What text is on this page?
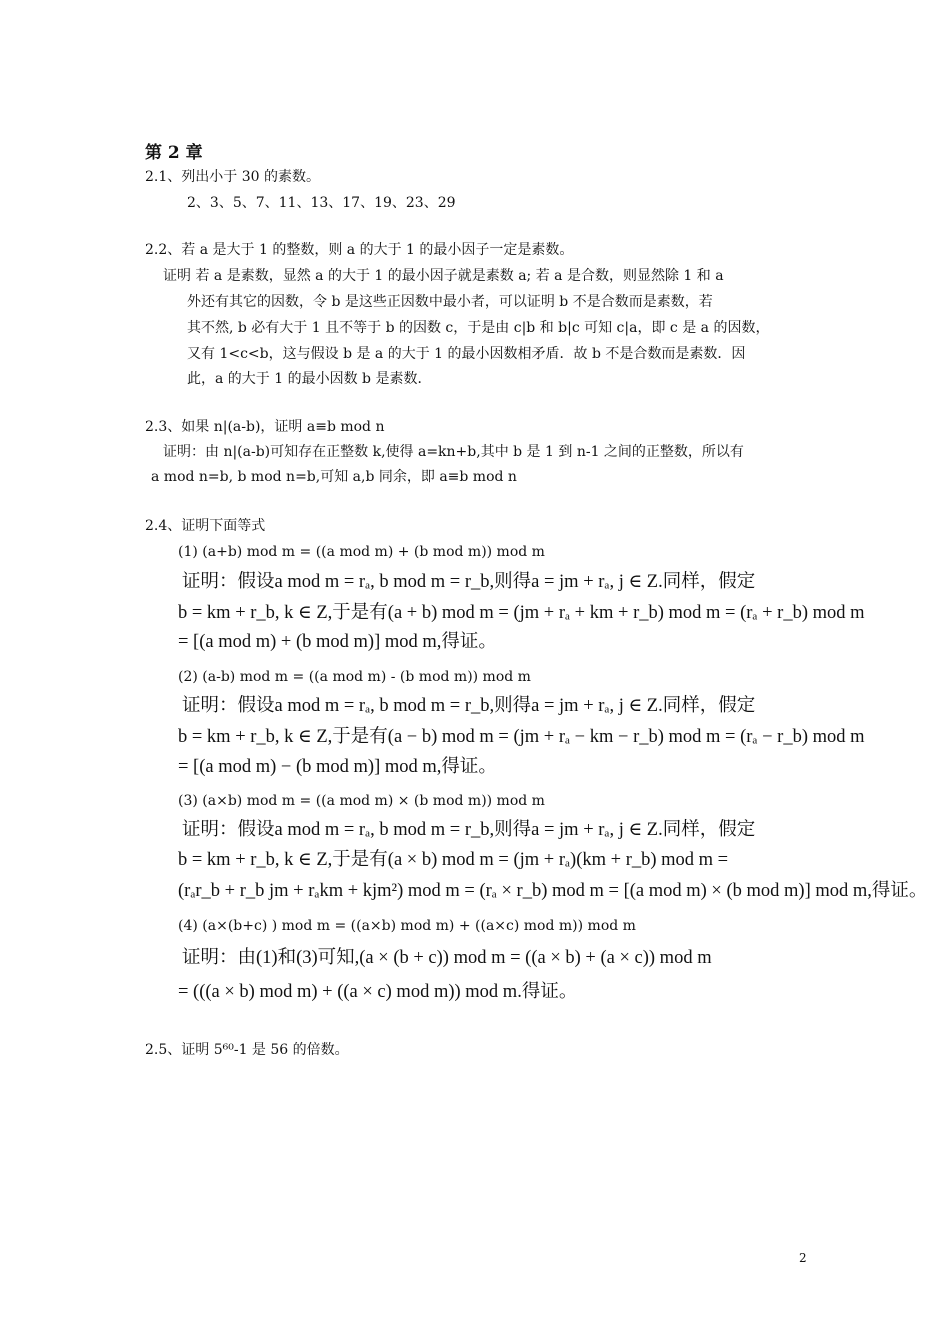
第 2 章
2.1、列出小于 30 的素数。
2、3、5、7、11、13、17、19、23、29
2.2、若 a 是大于 1 的整数，则 a 的大于 1 的最小因子一定是素数。
证明 若 a 是素数，显然 a 的大于 1 的最小因子就是素数 a; 若 a 是合数，则显然除 1 和 a
外还有其它的因数，令 b 是这些正因数中最小者，可以证明 b 不是合数而是素数，若
其不然, b 必有大于 1 且不等于 b 的因数 c，于是由 c|b 和 b|c 可知 c|a，即 c 是 a 的因数，
又有 1<c<b，这与假设 b 是 a 的大于 1 的最小因数相矛盾．故 b 不是合数而是素数．因
此，a 的大于 1 的最小因数 b 是素数．
2.3、如果 n|(a-b)，证明 a≡b mod n
证明：由 n|(a-b)可知存在正整数 k,使得 a=kn+b,其中 b 是 1 到 n-1 之间的正整数，所以有
a mod n=b, b mod n=b,可知 a,b 同余，即 a≡b mod n
2.4、证明下面等式
(1) (a+b) mod m = ((a mod m) + (b mod m)) mod m
证明：假设a mod m = rₐ, b mod m = r_b,则得a = jm + rₐ, j ∈ Z.同样，假定
b = km + r_b, k ∈ Z,于是有(a + b) mod m = (jm + rₐ + km + r_b) mod m = (rₐ + r_b) mod m
= [(a mod m) + (b mod m)] mod m,得证。
(2) (a-b) mod m = ((a mod m) - (b mod m)) mod m
证明：假设a mod m = rₐ, b mod m = r_b,则得a = jm + rₐ, j ∈ Z.同样，假定
b = km + r_b, k ∈ Z,于是有(a − b) mod m = (jm + rₐ − km − r_b) mod m = (rₐ − r_b) mod m
= [(a mod m) − (b mod m)] mod m,得证。
(3) (a×b) mod m = ((a mod m) × (b mod m)) mod m
证明：假设a mod m = rₐ, b mod m = r_b,则得a = jm + rₐ, j ∈ Z.同样，假定
b = km + r_b, k ∈ Z,于是有(a × b) mod m = (jm + rₐ)(km + r_b) mod m =
(rₐr_b + r_b jm + rₐkm + kjm²) mod m = (rₐ × r_b) mod m = [(a mod m) × (b mod m)] mod m,得证。
(4) (a×(b+c) ) mod m = ((a×b) mod m) + ((a×c) mod m)) mod m
证明：由(1)和(3)可知,(a × (b + c)) mod m = ((a × b) + (a × c)) mod m
= (((a × b) mod m) + ((a × c) mod m)) mod m.得证。
2.5、证明 5⁶⁰-1 是 56 的倍数。
2
